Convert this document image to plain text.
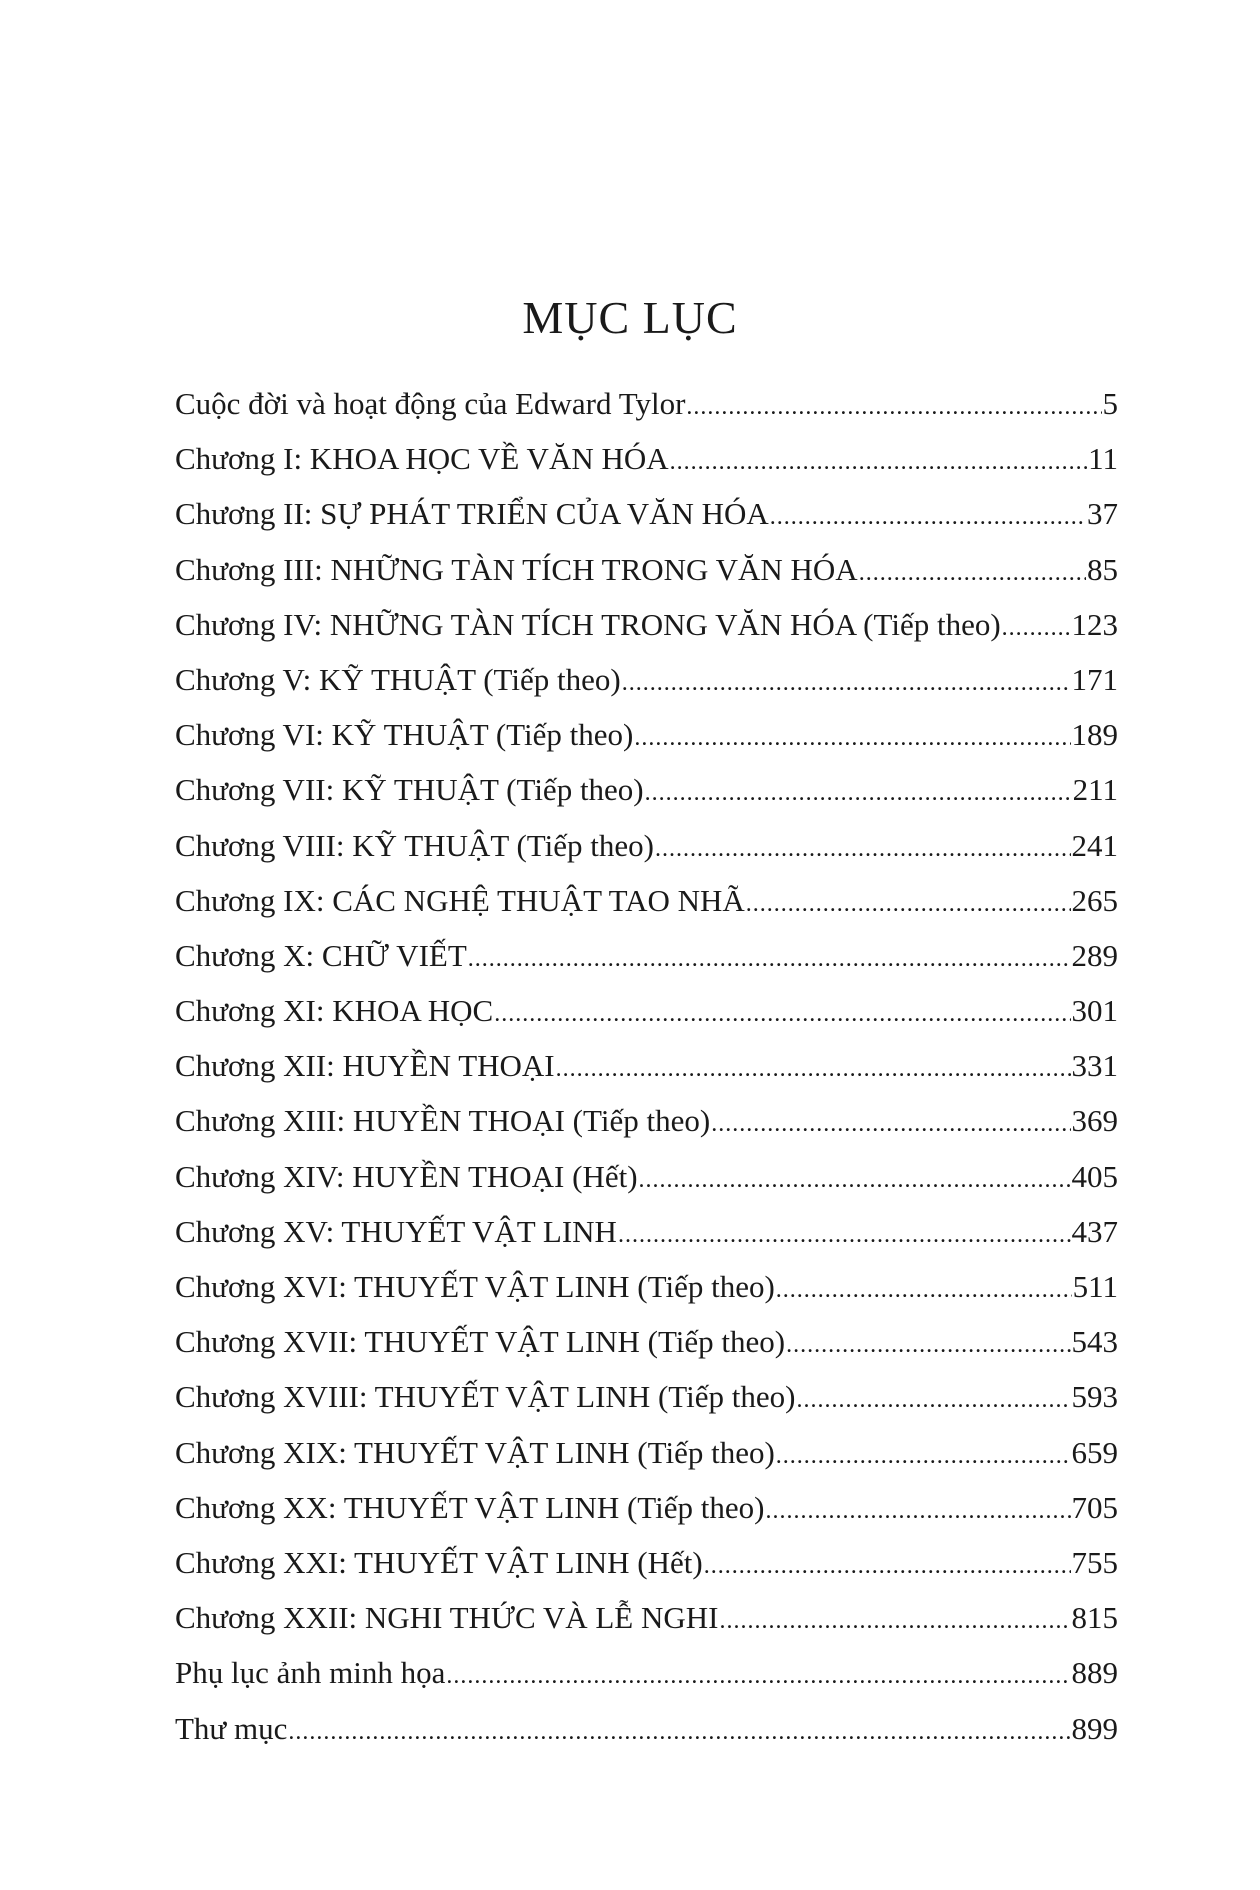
MỤC LỤC
Cuộc đời và hoạt động của Edward Tylor .....	5
Chương I: KHOA HỌC VỀ VĂN HÓA .....	11
Chương II: SỰ PHÁT TRIỂN CỦA VĂN HÓA .....	37
Chương III: NHỮNG TÀN TÍCH TRONG VĂN HÓA .....	85
Chương IV: NHỮNG TÀN TÍCH TRONG VĂN HÓA (Tiếp theo) ..... 123
Chương V: KỸ THUẬT (Tiếp theo) .....	171
Chương VI: KỸ THUẬT (Tiếp theo) .....	189
Chương VII: KỸ THUẬT (Tiếp theo) .....	211
Chương VIII: KỸ THUẬT (Tiếp theo) .....	241
Chương IX: CÁC NGHỆ THUẬT TAO NHÃ .....	265
Chương X: CHỮ VIẾT .....	289
Chương XI: KHOA HỌC .....	301
Chương XII: HUYỀN THOẠI .....	331
Chương XIII: HUYỀN THOẠI (Tiếp theo) .....	369
Chương XIV: HUYỀN THOẠI (Hết) .....	405
Chương XV: THUYẾT VẬT LINH .....	437
Chương XVI: THUYẾT VẬT LINH (Tiếp theo) .....	511
Chương XVII: THUYẾT VẬT LINH (Tiếp theo) .....	543
Chương XVIII: THUYẾT VẬT LINH (Tiếp theo) .....	593
Chương XIX: THUYẾT VẬT LINH (Tiếp theo) .....	659
Chương XX: THUYẾT VẬT LINH (Tiếp theo) .....	705
Chương XXI: THUYẾT VẬT LINH (Hết) .....	755
Chương XXII: NGHI THỨC VÀ LỄ NGHI .....	815
Phụ lục ảnh minh họa .....	889
Thư mục .....	899
